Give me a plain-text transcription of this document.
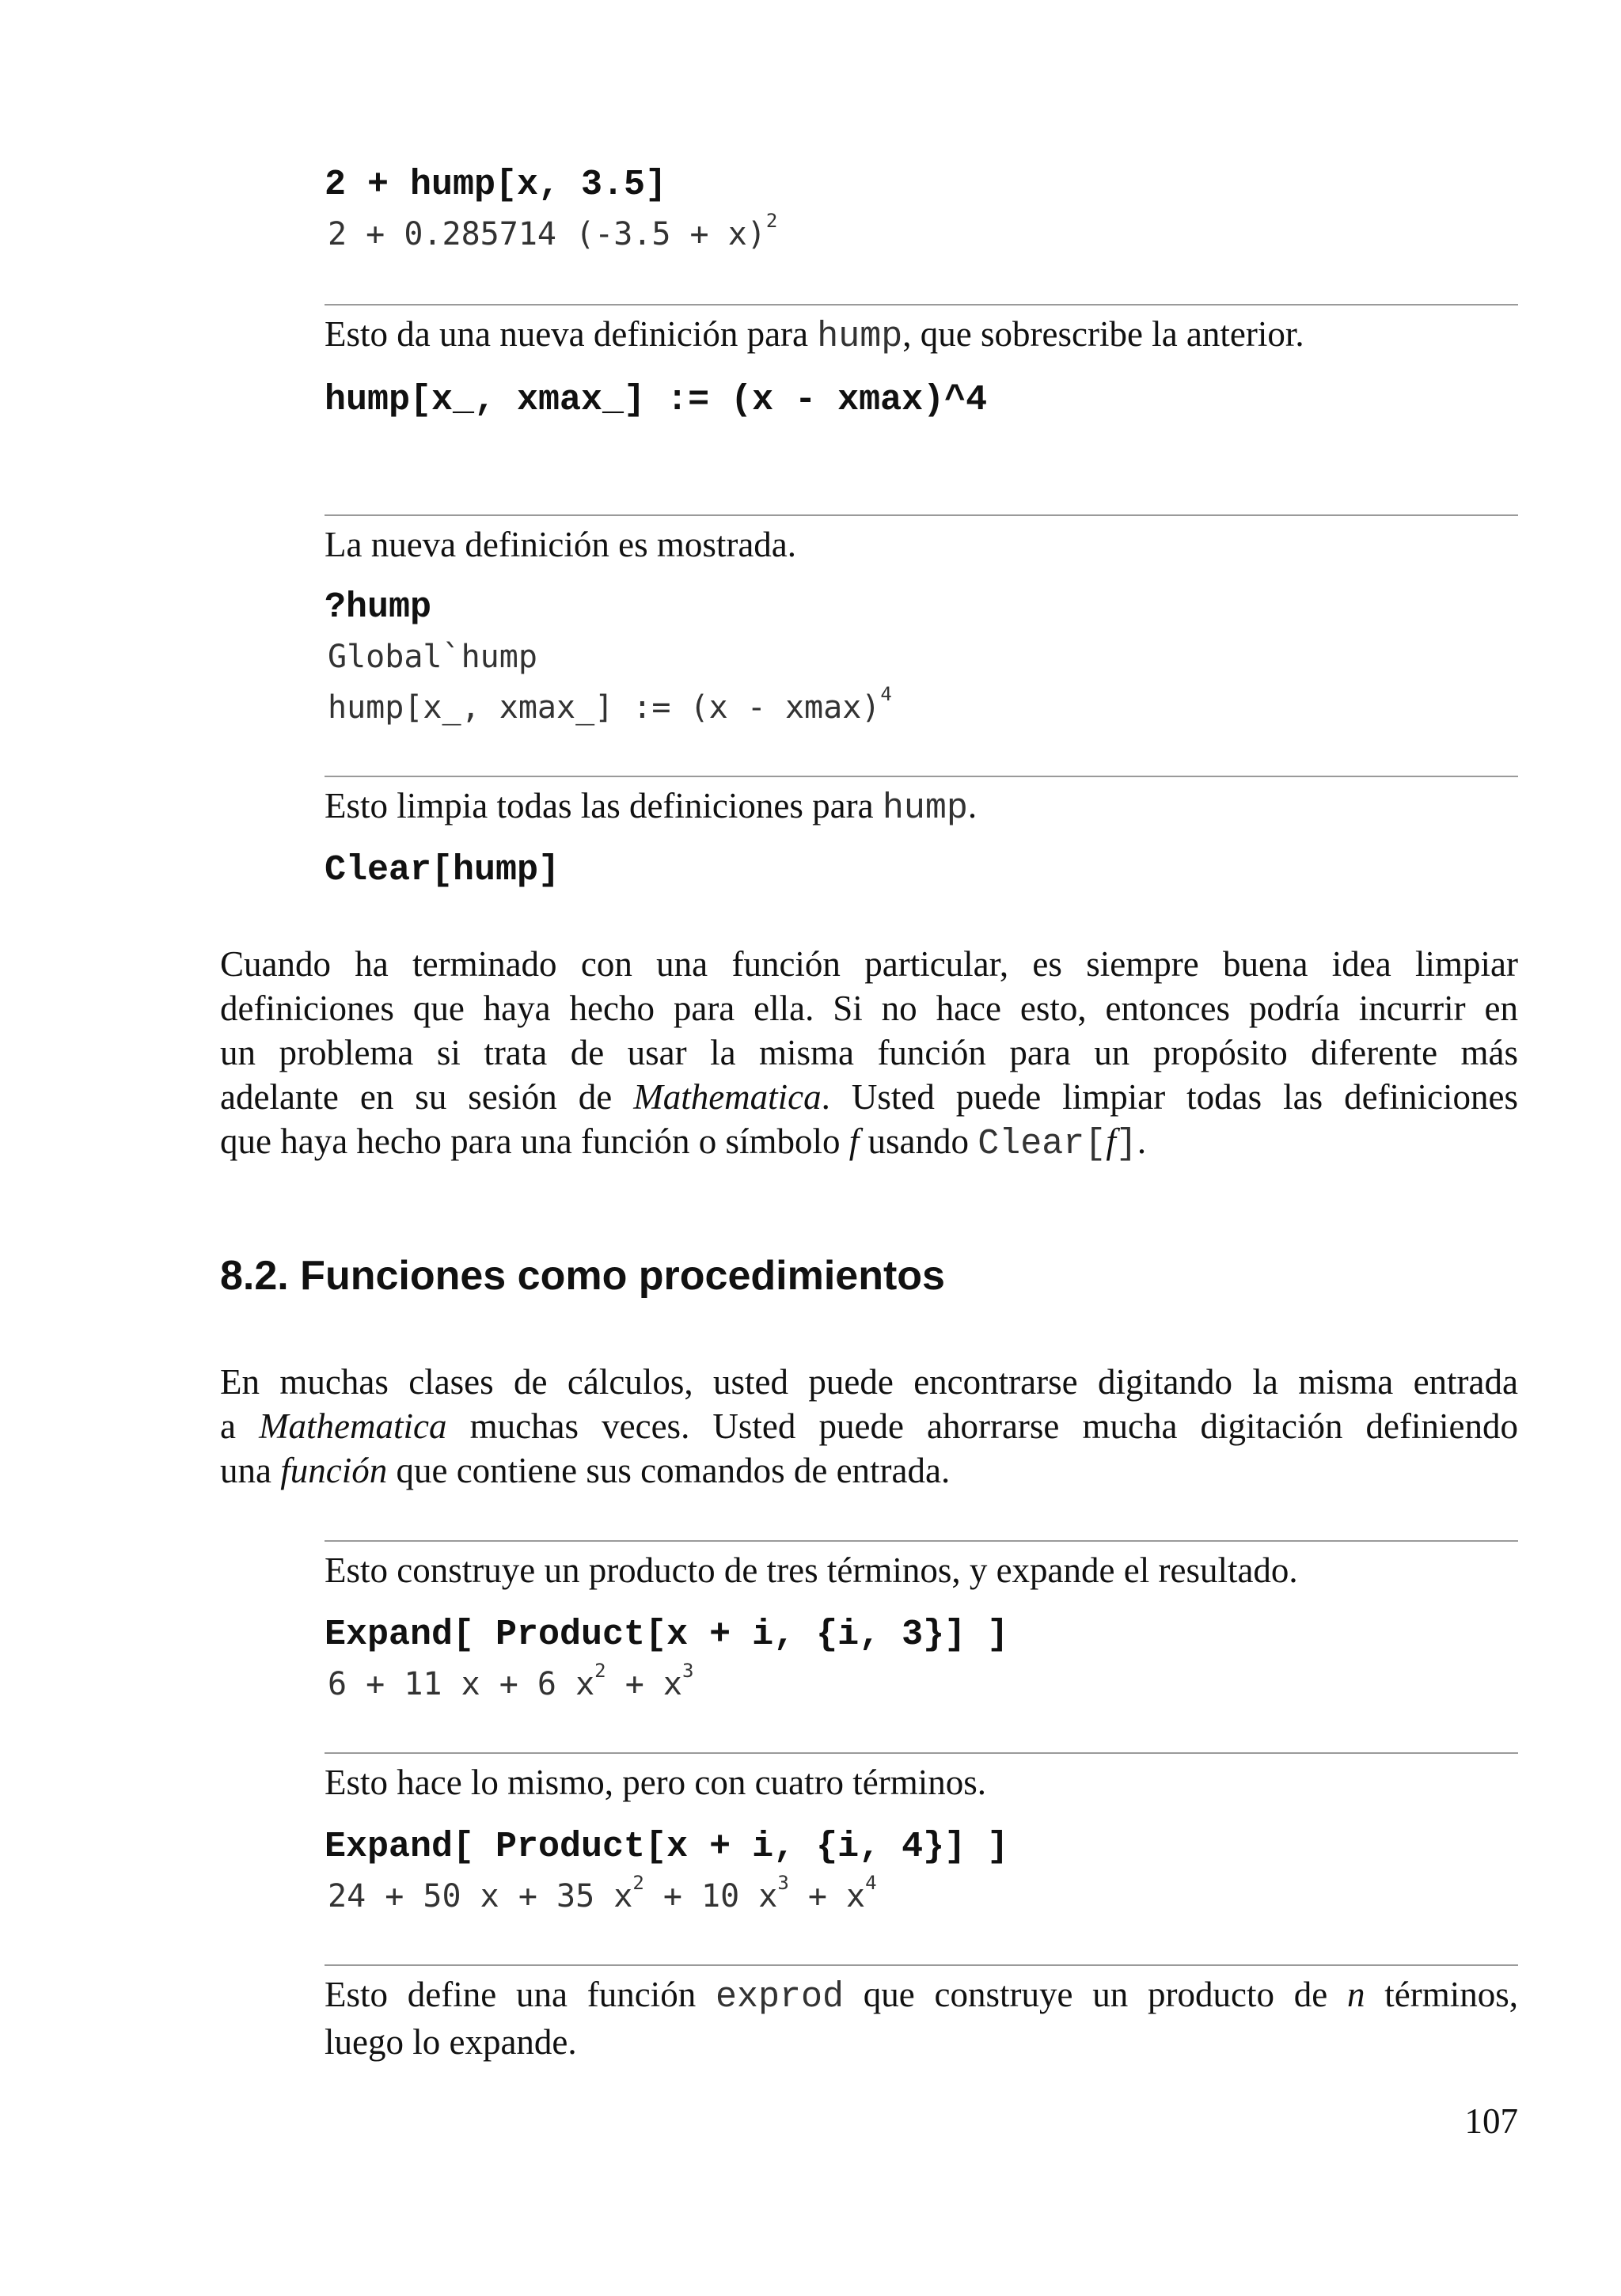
2 + hump[x, 3.5]
2 + 0.285714 $(-3.5 + x)^2$
Esto da una nueva definición para hump, que sobrescribe la anterior.
hump[x_, xmax_] := (x - xmax)^4
La nueva definición es mostrada.
?hump
Global`hump
hump[x_, xmax_] := (x - xmax)$^4$
Esto limpia todas las definiciones para hump.
Clear[hump]
Cuando ha terminado con una función particular, es siempre buena idea limpiar
definiciones que haya hecho para ella. Si no hace esto, entonces podría incurrir en
un problema si trata de usar la misma función para un propósito diferente más
adelante en su sesión de Mathematica. Usted puede limpiar todas las definiciones
que haya hecho para una función o símbolo f usando Clear[f].
8.2. Funciones como procedimientos
En muchas clases de cálculos, usted puede encontrarse digitando la misma entrada
a Mathematica muchas veces. Usted puede ahorrarse mucha digitación definiendo
una función que contiene sus comandos de entrada.
Esto construye un producto de tres términos, y expande el resultado.
Expand[ Product[x + i, {i, 3}] ]
6 + 11 x + 6 $x^2 + x^3$
Esto hace lo mismo, pero con cuatro términos.
Expand[ Product[x + i, {i, 4}] ]
24 + 50 x + 35 $x^2 + 10$ $x^3 + x^4$
Esto define una función exprod que construye un producto de n términos,
luego lo expande.
107
